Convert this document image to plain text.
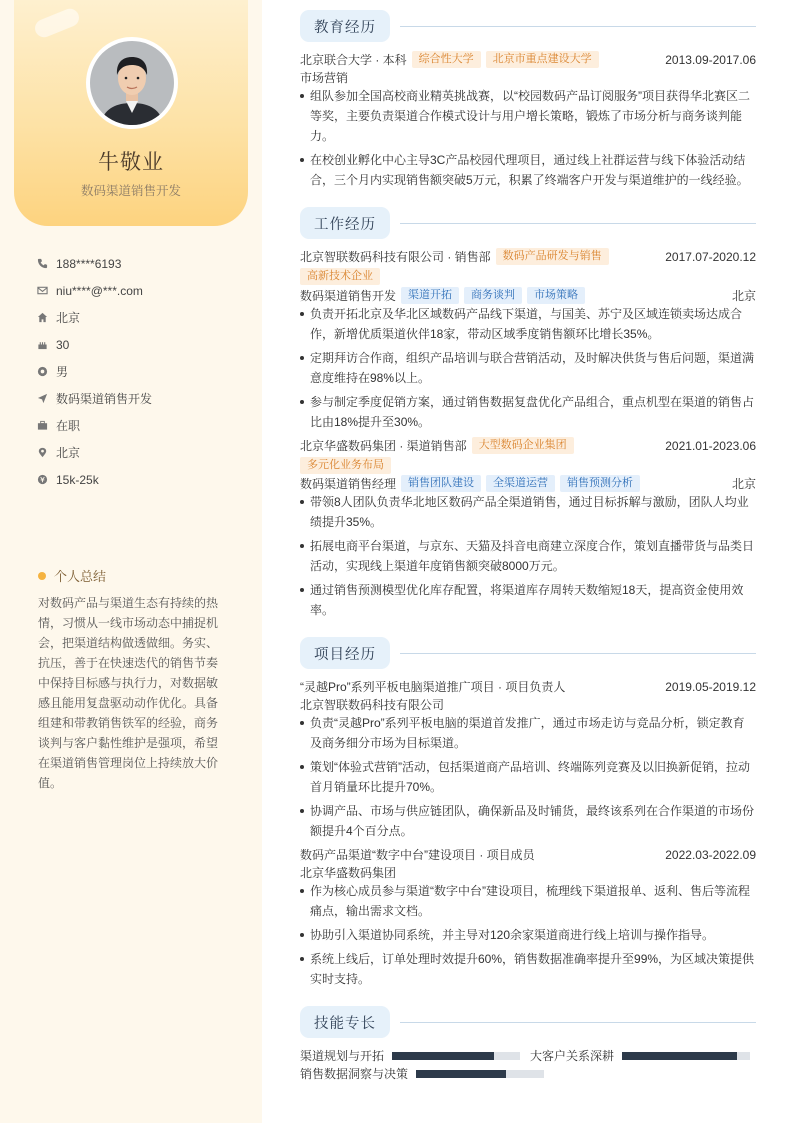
牛敬业
数码渠道销售开发
188****6193
niu****@***.com
北京
30
男
数码渠道销售开发
在职
北京
15k-25k
个人总结
对数码产品与渠道生态有持续的热情，习惯从一线市场动态中捕捉机会，把渠道结构做透做细。务实、抗压，善于在快速迭代的销售节奏中保持目标感与执行力，对数据敏感且能用复盘驱动动作优化。具备组建和带教销售铁军的经验，商务谈判与客户黏性维护是强项，希望在渠道销售管理岗位上持续放大价值。
教育经历
北京联合大学 · 本科	综合性大学	北京市重点建设大学	2013.09-2017.06
市场营销
组队参加全国高校商业精英挑战赛，以“校园数码产品订阅服务”项目获得华北赛区二等奖，主要负责渠道合作模式设计与用户增长策略，锻炼了市场分析与商务谈判能力。
在校创业孵化中心主导3C产品校园代理项目，通过线上社群运营与线下体验活动结合，三个月内实现销售额突破5万元，积累了终端客户开发与渠道维护的一线经验。
工作经历
北京智联数码科技有限公司 · 销售部	数码产品研发与销售	2017.07-2020.12
高新技术企业
数码渠道销售开发	渠道开拓	商务谈判	市场策略	北京
负责开拓北京及华北区域数码产品线下渠道，与国美、苏宁及区域连锁卖场达成合作，新增优质渠道伙伴18家，带动区域季度销售额环比增长35%。
定期拜访合作商，组织产品培训与联合营销活动，及时解决供货与售后问题，渠道满意度维持在98%以上。
参与制定季度促销方案，通过销售数据复盘优化产品组合，重点机型在渠道的销售占比由18%提升至30%。
北京华盛数码集团 · 渠道销售部	大型数码企业集团	2021.01-2023.06
多元化业务布局
数码渠道销售经理	销售团队建设	全渠道运营	销售预测分析	北京
带领8人团队负责华北地区数码产品全渠道销售，通过目标拆解与激励，团队人均业绩提升35%。
拓展电商平台渠道，与京东、天猫及抖音电商建立深度合作，策划直播带货与品类日活动，实现线上渠道年度销售额突破8000万元。
通过销售预测模型优化库存配置，将渠道库存周转天数缩短18天，提高资金使用效率。
项目经历
“灵越Pro”系列平板电脑渠道推广项目 · 项目负责人	2019.05-2019.12
北京智联数码科技有限公司
负责“灵越Pro”系列平板电脑的渠道首发推广，通过市场走访与竞品分析，锁定教育及商务细分市场为目标渠道。
策划“体验式营销”活动，包括渠道商产品培训、终端陈列竞赛及以旧换新促销，拉动首月销量环比提升70%。
协调产品、市场与供应链团队，确保新品及时铺货，最终该系列在合作渠道的市场份额提升4个百分点。
数码产品渠道“数字中台”建设项目 · 项目成员	2022.03-2022.09
北京华盛数码集团
作为核心成员参与渠道“数字中台”建设项目，梳理线下渠道报单、返利、售后等流程痛点，输出需求文档。
协助引入渠道协同系统，并主导对120余家渠道商进行线上培训与操作指导。
系统上线后，订单处理时效提升60%，销售数据准确率提升至99%，为区域决策提供实时支持。
技能专长
渠道规划与开拓	大客户关系深耕
销售数据洞察与决策
